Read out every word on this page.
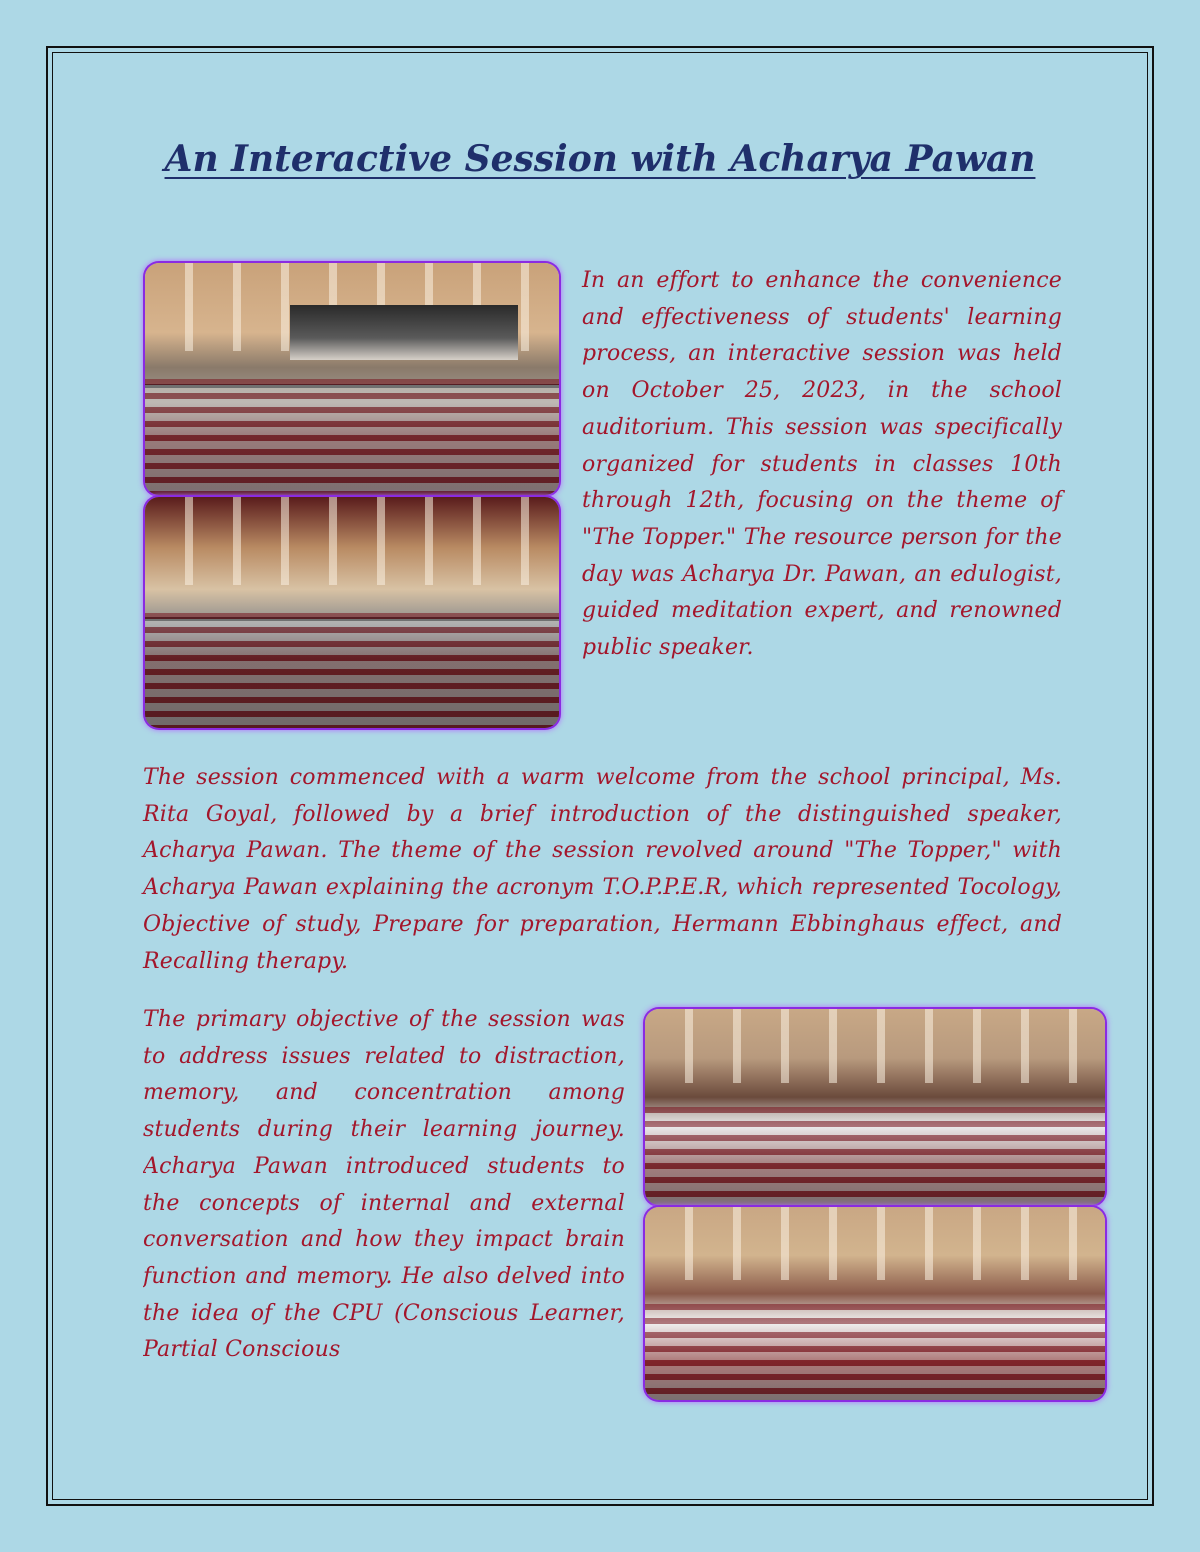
An Interactive Session with Acharya Pawan

In an effort to enhance the convenience and effectiveness of students' learning process, an interactive session was held on October 25, 2023, in the school auditorium. This session was specifically organized for students in classes 10th through 12th, focusing on the theme of "The Topper." The resource person for the day was Acharya Dr. Pawan, an edulogist, guided meditation expert, and renowned public speaker.

The session commenced with a warm welcome from the school principal, Ms. Rita Goyal, followed by a brief introduction of the distinguished speaker, Acharya Pawan. The theme of the session revolved around "The Topper," with Acharya Pawan explaining the acronym T.O.P.P.E.R, which represented Tocology, Objective of study, Prepare for preparation, Hermann Ebbinghaus effect, and Recalling therapy.

The primary objective of the session was to address issues related to distraction, memory, and concentration among students during their learning journey. Acharya Pawan introduced students to the concepts of internal and external conversation and how they impact brain function and memory. He also delved into the idea of the CPU (Conscious Learner, Partial Conscious
